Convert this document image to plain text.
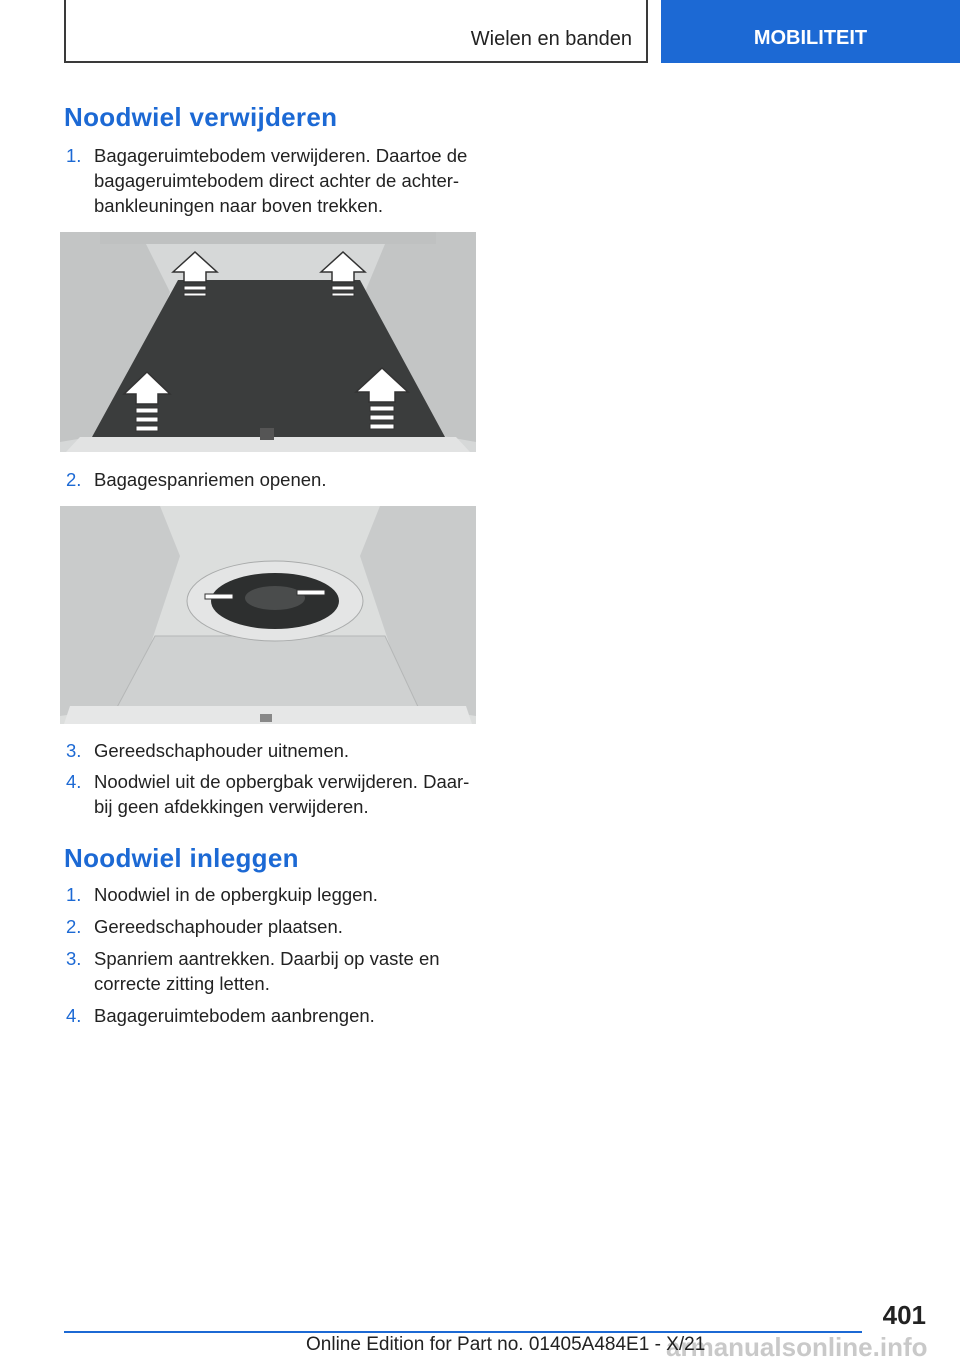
Wielen en banden	MOBILITEIT
Noodwiel verwijderen
1. Bagageruimtebodem verwijderen. Daartoe de bagageruimtebodem direct achter de achter-bankleuningen naar boven trekken.
2. Bagagespanriemen openen.
3. Gereedschaphouder uitnemen.
4. Noodwiel uit de opbergbak verwijderen. Daar-bij geen afdekkingen verwijderen.
Noodwiel inleggen
1. Noodwiel in de opbergkuip leggen.
2. Gereedschaphouder plaatsen.
3. Spanriem aantrekken. Daarbij op vaste en correcte zitting letten.
4. Bagageruimtebodem aanbrengen.
401
armanualsonline.info
Online Edition for Part no. 01405A484E1 - X/21
